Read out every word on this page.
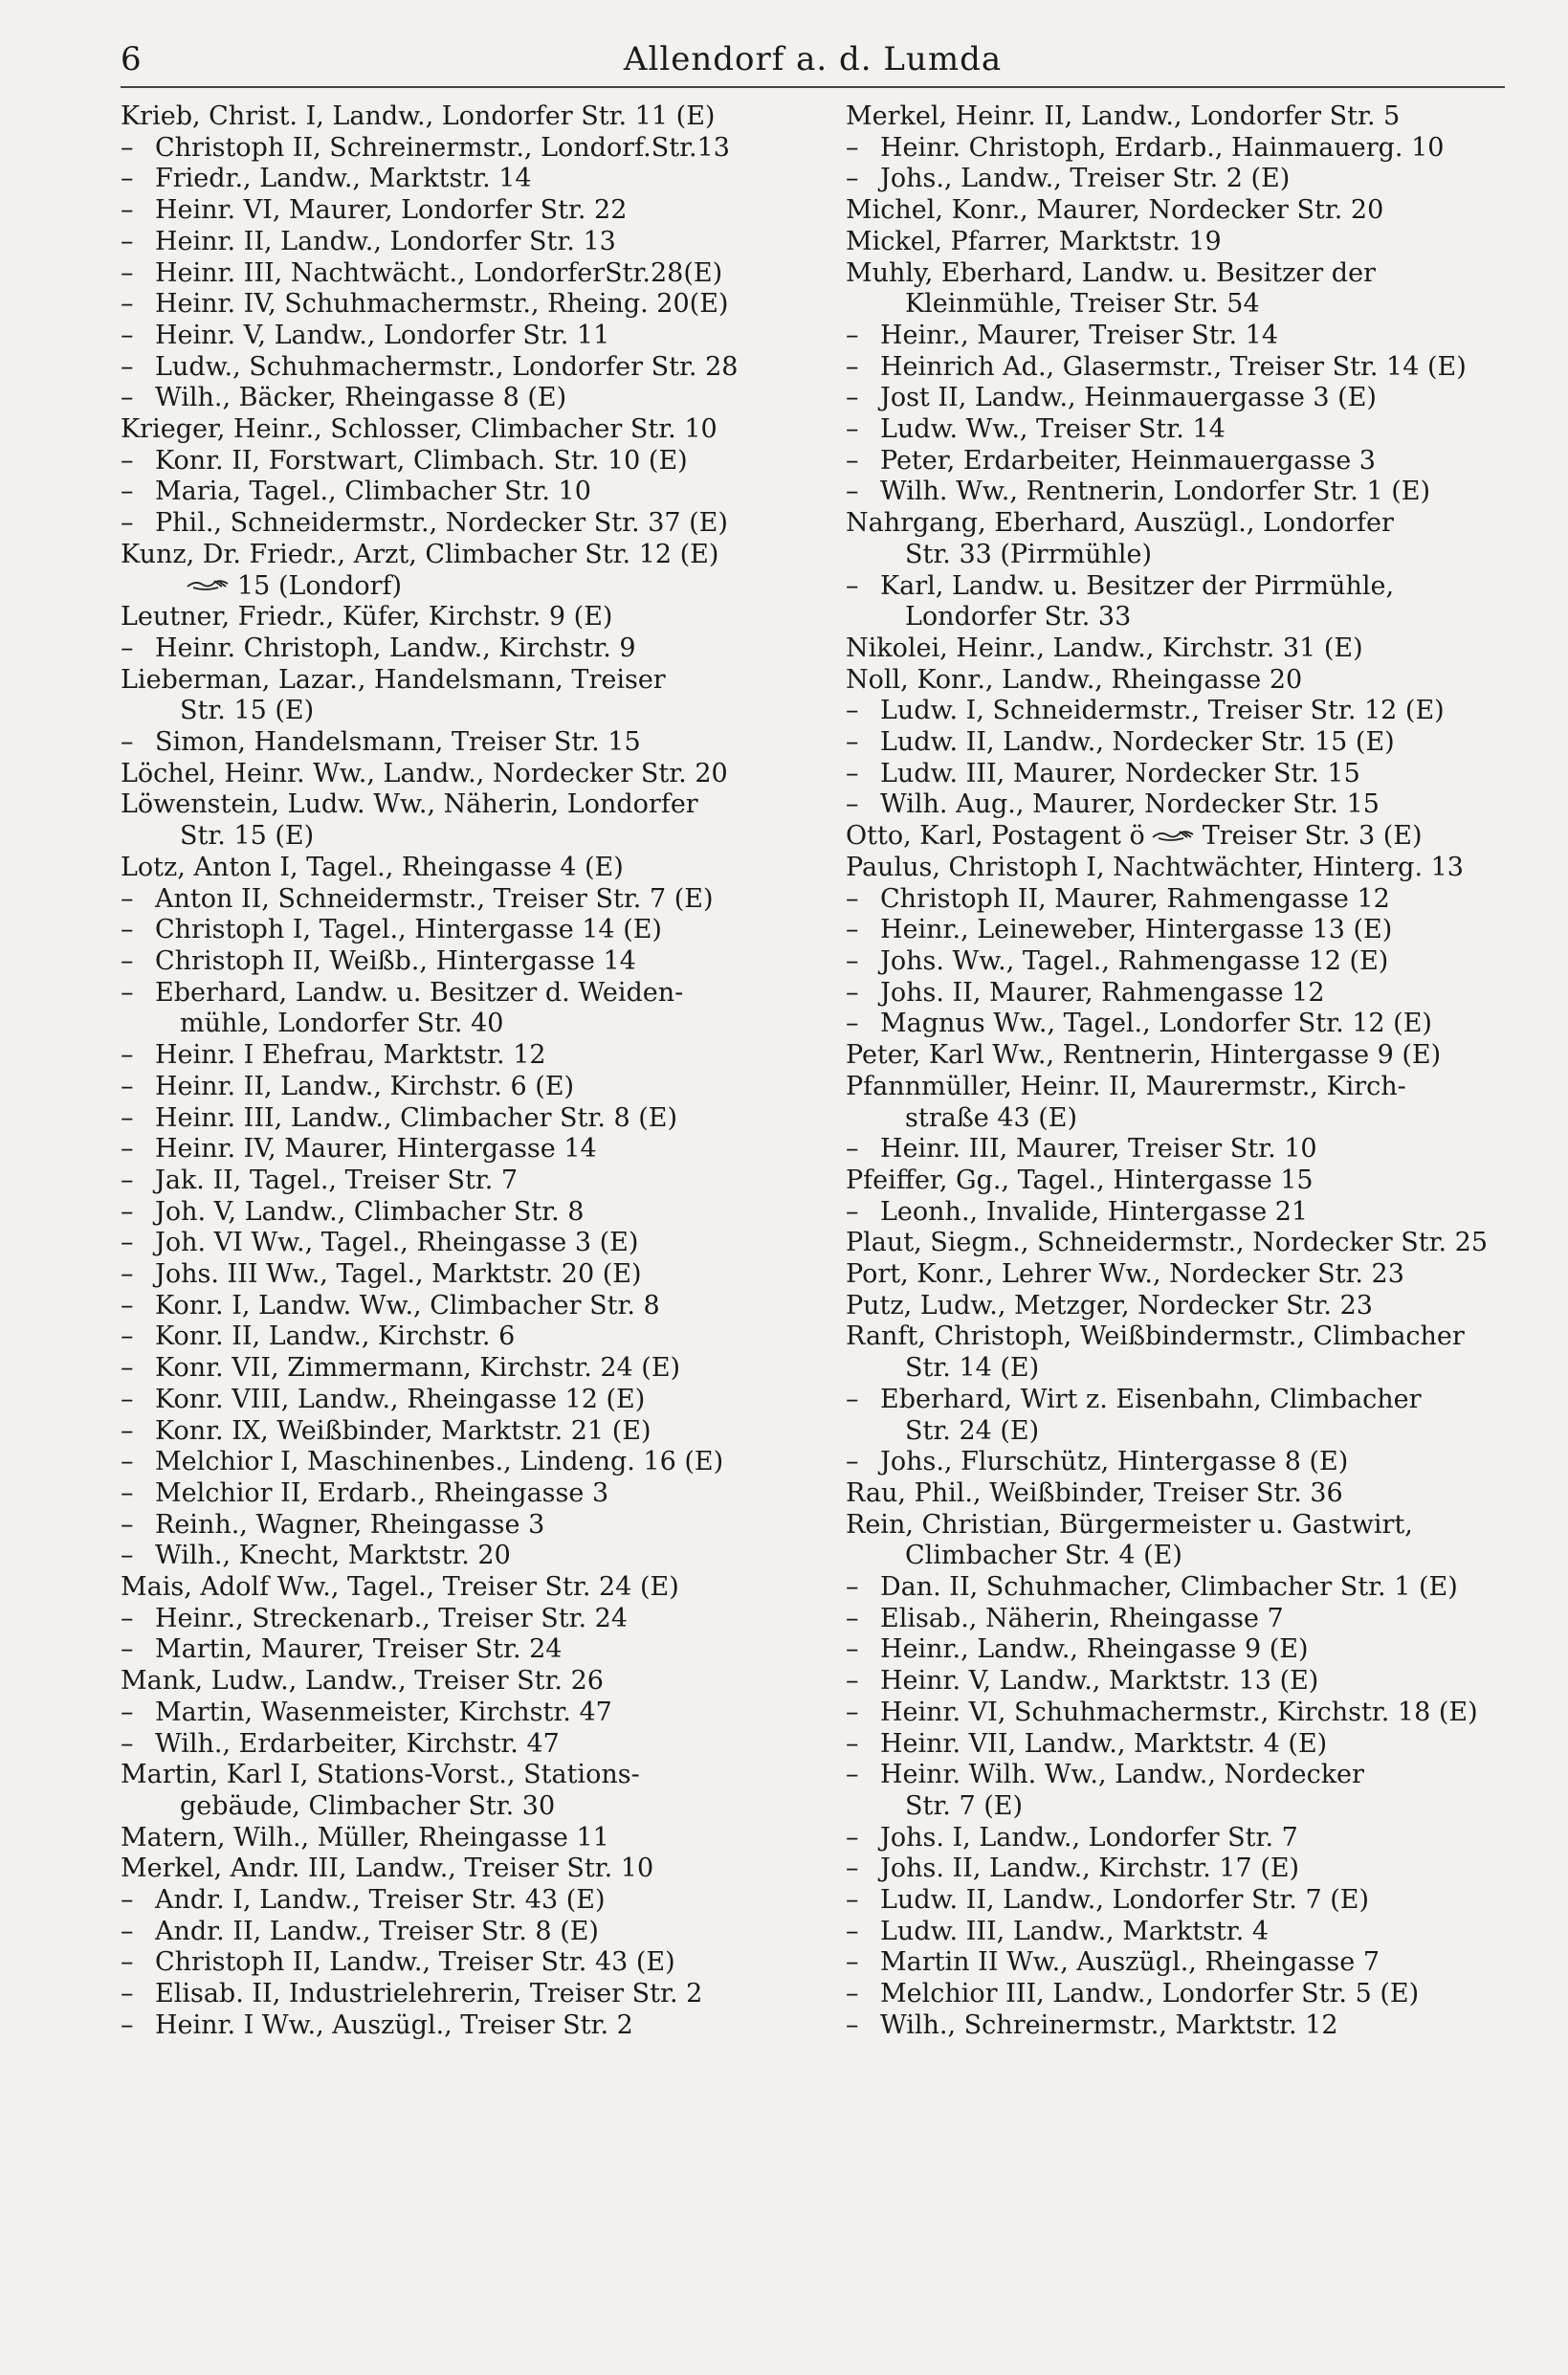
6	Allendorf a. d. Lumda
Krieb, Christ. I, Landw., Londorfer Str. 11 (E)
– Christoph II, Schreinermstr., Londorf.Str.13
– Friedr., Landw., Marktstr. 14
– Heinr. VI, Maurer, Londorfer Str. 22
– Heinr. II, Landw., Londorfer Str. 13
– Heinr. III, Nachtwächt., LondorferStr.28(E)
– Heinr. IV, Schuhmachermstr., Rheing. 20(E)
– Heinr. V, Landw., Londorfer Str. 11
– Ludw., Schuhmachermstr., Londorfer Str. 28
– Wilh., Bäcker, Rheingasse 8 (E)
Krieger, Heinr., Schlosser, Climbacher Str. 10
– Konr. II, Forstwart, Climbach. Str. 10 (E)
– Maria, Tagel., Climbacher Str. 10
– Phil., Schneidermstr., Nordecker Str. 37 (E)
Kunz, Dr. Friedr., Arzt, Climbacher Str. 12 (E)
15 (Londorf)
Leutner, Friedr., Küfer, Kirchstr. 9 (E)
– Heinr. Christoph, Landw., Kirchstr. 9
Lieberman, Lazar., Handelsmann, Treiser
Str. 15 (E)
– Simon, Handelsmann, Treiser Str. 15
Löchel, Heinr. Ww., Landw., Nordecker Str. 20
Löwenstein, Ludw. Ww., Näherin, Londorfer
Str. 15 (E)
Lotz, Anton I, Tagel., Rheingasse 4 (E)
– Anton II, Schneidermstr., Treiser Str. 7 (E)
– Christoph I, Tagel., Hintergasse 14 (E)
– Christoph II, Weißb., Hintergasse 14
– Eberhard, Landw. u. Besitzer d. Weiden-
mühle, Londorfer Str. 40
– Heinr. I Ehefrau, Marktstr. 12
– Heinr. II, Landw., Kirchstr. 6 (E)
– Heinr. III, Landw., Climbacher Str. 8 (E)
– Heinr. IV, Maurer, Hintergasse 14
– Jak. II, Tagel., Treiser Str. 7
– Joh. V, Landw., Climbacher Str. 8
– Joh. VI Ww., Tagel., Rheingasse 3 (E)
– Johs. III Ww., Tagel., Marktstr. 20 (E)
– Konr. I, Landw. Ww., Climbacher Str. 8
– Konr. II, Landw., Kirchstr. 6
– Konr. VII, Zimmermann, Kirchstr. 24 (E)
– Konr. VIII, Landw., Rheingasse 12 (E)
– Konr. IX, Weißbinder, Marktstr. 21 (E)
– Melchior I, Maschinenbes., Lindeng. 16 (E)
– Melchior II, Erdarb., Rheingasse 3
– Reinh., Wagner, Rheingasse 3
– Wilh., Knecht, Marktstr. 20
Mais, Adolf Ww., Tagel., Treiser Str. 24 (E)
– Heinr., Streckenarb., Treiser Str. 24
– Martin, Maurer, Treiser Str. 24
Mank, Ludw., Landw., Treiser Str. 26
– Martin, Wasenmeister, Kirchstr. 47
– Wilh., Erdarbeiter, Kirchstr. 47
Martin, Karl I, Stations-Vorst., Stations-
gebäude, Climbacher Str. 30
Matern, Wilh., Müller, Rheingasse 11
Merkel, Andr. III, Landw., Treiser Str. 10
– Andr. I, Landw., Treiser Str. 43 (E)
– Andr. II, Landw., Treiser Str. 8 (E)
– Christoph II, Landw., Treiser Str. 43 (E)
– Elisab. II, Industrielehrerin, Treiser Str. 2
– Heinr. I Ww., Auszügl., Treiser Str. 2
Merkel, Heinr. II, Landw., Londorfer Str. 5
– Heinr. Christoph, Erdarb., Hainmauerg. 10
– Johs., Landw., Treiser Str. 2 (E)
Michel, Konr., Maurer, Nordecker Str. 20
Mickel, Pfarrer, Marktstr. 19
Muhly, Eberhard, Landw. u. Besitzer der
Kleinmühle, Treiser Str. 54
– Heinr., Maurer, Treiser Str. 14
– Heinrich Ad., Glasermstr., Treiser Str. 14 (E)
– Jost II, Landw., Heinmauergasse 3 (E)
– Ludw. Ww., Treiser Str. 14
– Peter, Erdarbeiter, Heinmauergasse 3
– Wilh. Ww., Rentnerin, Londorfer Str. 1 (E)
Nahrgang, Eberhard, Auszügl., Londorfer
Str. 33 (Pirrmühle)
– Karl, Landw. u. Besitzer der Pirrmühle,
Londorfer Str. 33
Nikolei, Heinr., Landw., Kirchstr. 31 (E)
Noll, Konr., Landw., Rheingasse 20
– Ludw. I, Schneidermstr., Treiser Str. 12 (E)
– Ludw. II, Landw., Nordecker Str. 15 (E)
– Ludw. III, Maurer, Nordecker Str. 15
– Wilh. Aug., Maurer, Nordecker Str. 15
Otto, Karl, Postagent ö Treiser Str. 3 (E)
Paulus, Christoph I, Nachtwächter, Hinterg. 13
– Christoph II, Maurer, Rahmengasse 12
– Heinr., Leineweber, Hintergasse 13 (E)
– Johs. Ww., Tagel., Rahmengasse 12 (E)
– Johs. II, Maurer, Rahmengasse 12
– Magnus Ww., Tagel., Londorfer Str. 12 (E)
Peter, Karl Ww., Rentnerin, Hintergasse 9 (E)
Pfannmüller, Heinr. II, Maurermstr., Kirch-
straße 43 (E)
– Heinr. III, Maurer, Treiser Str. 10
Pfeiffer, Gg., Tagel., Hintergasse 15
– Leonh., Invalide, Hintergasse 21
Plaut, Siegm., Schneidermstr., Nordecker Str. 25
Port, Konr., Lehrer Ww., Nordecker Str. 23
Putz, Ludw., Metzger, Nordecker Str. 23
Ranft, Christoph, Weißbindermstr., Climbacher
Str. 14 (E)
– Eberhard, Wirt z. Eisenbahn, Climbacher
Str. 24 (E)
– Johs., Flurschütz, Hintergasse 8 (E)
Rau, Phil., Weißbinder, Treiser Str. 36
Rein, Christian, Bürgermeister u. Gastwirt,
Climbacher Str. 4 (E)
– Dan. II, Schuhmacher, Climbacher Str. 1 (E)
– Elisab., Näherin, Rheingasse 7
– Heinr., Landw., Rheingasse 9 (E)
– Heinr. V, Landw., Marktstr. 13 (E)
– Heinr. VI, Schuhmachermstr., Kirchstr. 18 (E)
– Heinr. VII, Landw., Marktstr. 4 (E)
– Heinr. Wilh. Ww., Landw., Nordecker
Str. 7 (E)
– Johs. I, Landw., Londorfer Str. 7
– Johs. II, Landw., Kirchstr. 17 (E)
– Ludw. II, Landw., Londorfer Str. 7 (E)
– Ludw. III, Landw., Marktstr. 4
– Martin II Ww., Auszügl., Rheingasse 7
– Melchior III, Landw., Londorfer Str. 5 (E)
– Wilh., Schreinermstr., Marktstr. 12
